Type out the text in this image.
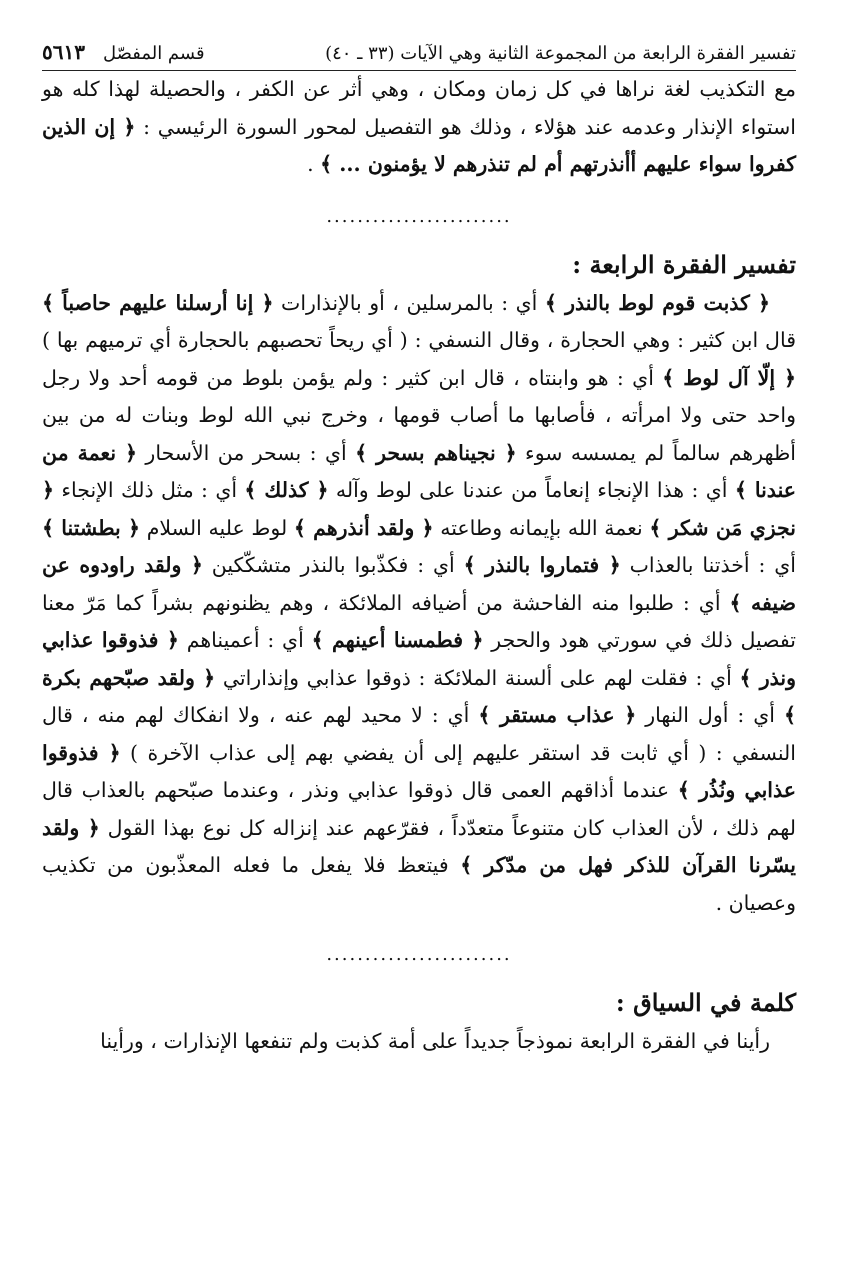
تفسير الفقرة الرابعة من المجموعة الثانية وهي الآيات (٣٣ ـ ٤٠)
قسم المفصّل
٥٦١٣

مع التكذيب لغة نراها في كل زمان ومكان ، وهي أثر عن الكفر ، والحصيلة لهذا كله هو استواء الإنذار وعدمه عند هؤلاء ، وذلك هو التفصيل لمحور السورة الرئيسي : ﴿ إن الذين كفروا سواء عليهم أأنذرتهم أم لم تنذرهم لا يؤمنون ... ﴾ .

........................
تفسير الفقرة الرابعة :

﴿ كذبت قوم لوط بالنذر ﴾ أي : بالمرسلين ، أو بالإنذارات ﴿ إنا أرسلنا عليهم حاصباً ﴾ قال ابن كثير : وهي الحجارة ، وقال النسفي : ( أي ريحاً تحصبهم بالحجارة أي ترميهم بها ) ﴿ إلّا آل لوط ﴾ أي : هو وابنتاه ، قال ابن كثير : ولم يؤمن بلوط من قومه أحد ولا رجل واحد حتى ولا امرأته ، فأصابها ما أصاب قومها ، وخرج نبي الله لوط وبنات له من بين أظهرهم سالماً لم يمسسه سوء ﴿ نجيناهم بسحر ﴾ أي : بسحر من الأسحار ﴿ نعمة من عندنا ﴾ أي : هذا الإنجاء إنعاماً من عندنا على لوط وآله ﴿ كذلك ﴾ أي : مثل ذلك الإنجاء ﴿ نجزي مَن شكر ﴾ نعمة الله بإيمانه وطاعته ﴿ ولقد أنذرهم ﴾ لوط عليه السلام ﴿ بطشتنا ﴾ أي : أخذتنا بالعذاب ﴿ فتماروا بالنذر ﴾ أي : فكذّبوا بالنذر متشكّكين ﴿ ولقد راودوه عن ضيفه ﴾ أي : طلبوا منه الفاحشة من أضيافه الملائكة ، وهم يظنونهم بشراً كما مَرّ معنا تفصيل ذلك في سورتي هود والحجر ﴿ فطمسنا أعينهم ﴾ أي : أعميناهم ﴿ فذوقوا عذابي ونذر ﴾ أي : فقلت لهم على ألسنة الملائكة : ذوقوا عذابي وإنذاراتي ﴿ ولقد صبّحهم بكرة ﴾ أي : أول النهار ﴿ عذاب مستقر ﴾ أي : لا محيد لهم عنه ، ولا انفكاك لهم منه ، قال النسفي : ( أي ثابت قد استقر عليهم إلى أن يفضي بهم إلى عذاب الآخرة ) ﴿ فذوقوا عذابي ونُذُر ﴾ عندما أذاقهم العمى قال ذوقوا عذابي ونذر ، وعندما صبّحهم بالعذاب قال لهم ذلك ، لأن العذاب كان متنوعاً متعدّداً ، فقرّعهم عند إنزاله كل نوع بهذا القول ﴿ ولقد يسّرنا القرآن للذكر فهل من مدّكر ﴾ فيتعظ فلا يفعل ما فعله المعذّبون من تكذيب وعصيان .

........................
كلمة في السياق :

رأينا في الفقرة الرابعة نموذجاً جديداً على أمة كذبت ولم تنفعها الإنذارات ، ورأينا
